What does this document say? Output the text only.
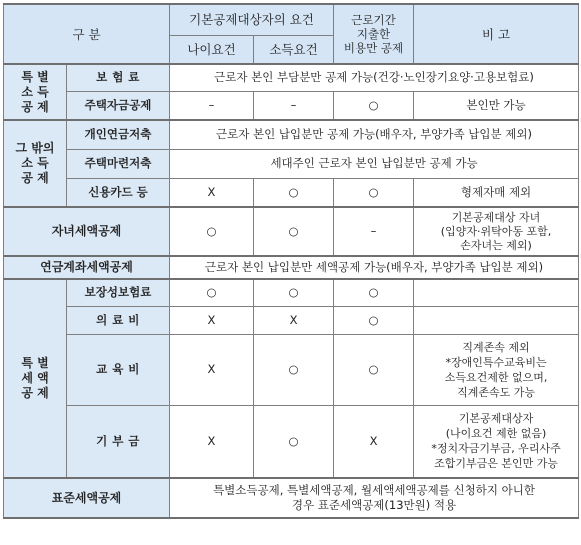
구 분		기본공제대상자의 요건		근로기간
지출한
비용만 공제	비 고
		나이요건	소득요건		
특 별
소 득
공 제	보 험 료	근로자 본인 부담분만 공제 가능(건강·노인장기요양·고용보험료)			
	주택자금공제	–	–	○	본인만 가능
그 밖의
소 득
공 제	개인연금저축	근로자 본인 납입분만 공제 가능(배우자, 부양가족 납입분 제외)			
	주택마련저축	세대주인 근로자 본인 납입분만 공제 가능			
	신용카드 등	X	○	○	형제자매 제외
자녀세액공제		○	○	–	기본공제대상 자녀
(입양자·위탁아동 포함,
손자녀는 제외)
연금계좌세액공제		근로자 본인 납입분만 세액공제 가능(배우자, 부양가족 납입분 제외)			
특 별
세 액
공 제	보장성보험료	○	○	○	
	의 료 비	X	X	○	
	교 육 비	X	○	○	직계존속 제외
*장애인특수교육비는
소득요건제한 없으며,
직계존속도 가능
	기 부 금	X	○	X	기본공제대상자
(나이요건 제한 없음)
*정치자금기부금, 우리사주
조합기부금은 본인만 가능
표준세액공제		특별소득공제, 특별세액공제, 월세액세액공제를 신청하지 아니한
경우 표준세액공제(13만원) 적용			
